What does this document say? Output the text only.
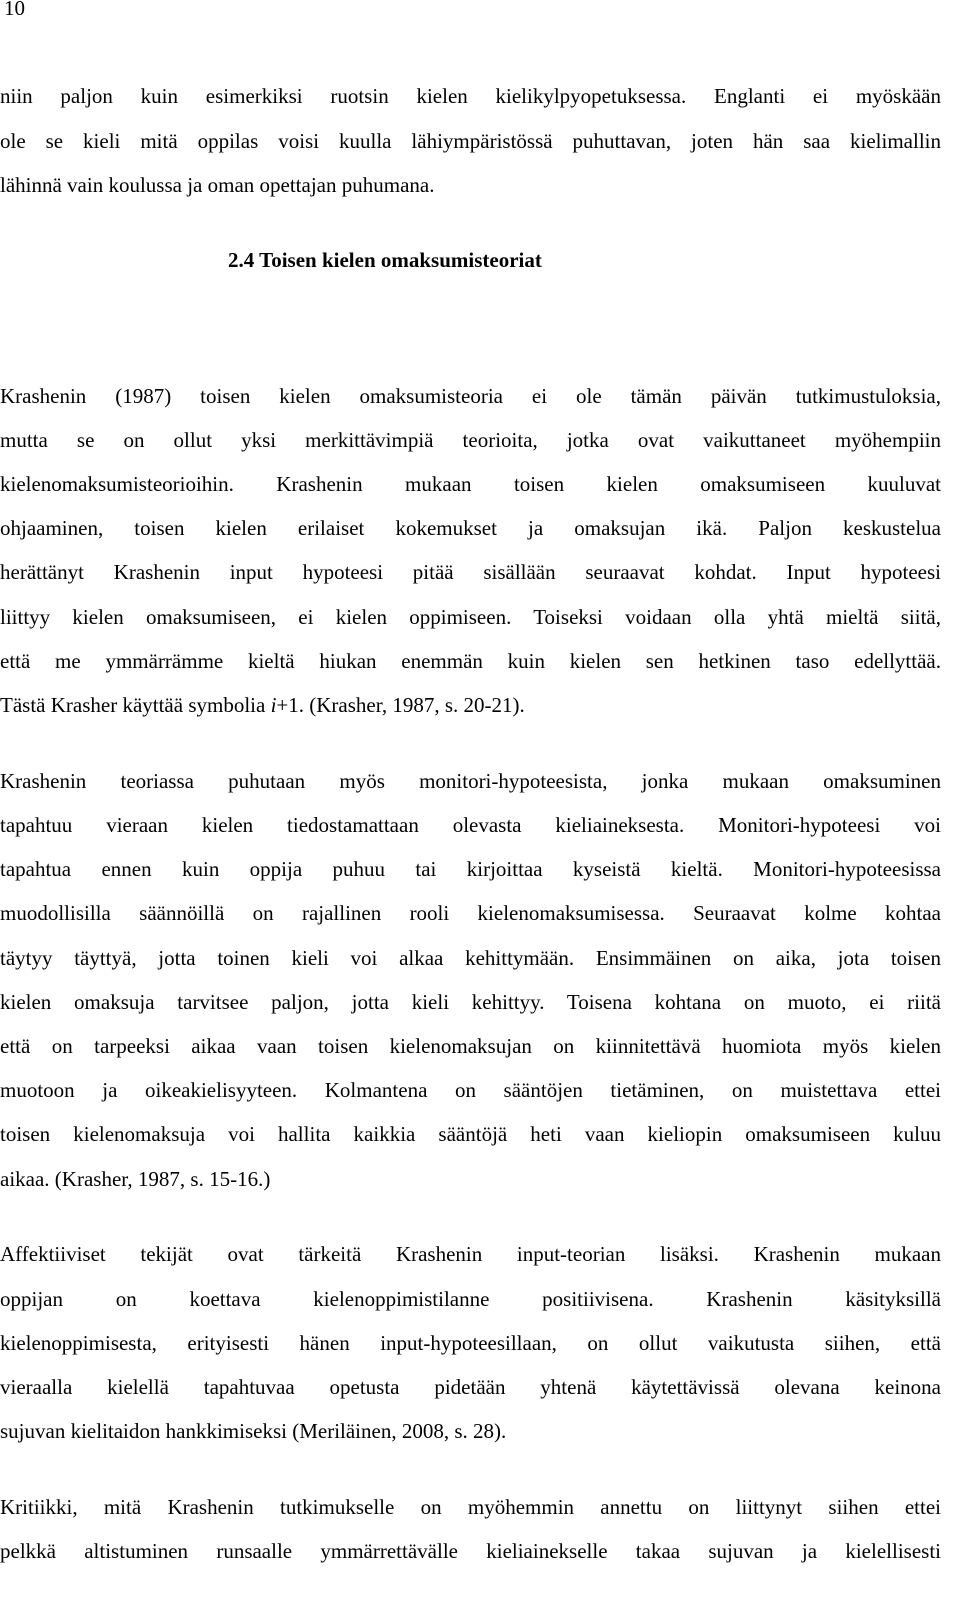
10
niin paljon kuin esimerkiksi ruotsin kielen kielikylpyopetuksessa. Englanti ei myöskään
ole se kieli mitä oppilas voisi kuulla lähiympäristössä puhuttavan, joten hän saa kielimallin
lähinnä vain koulussa ja oman opettajan puhumana.
2.4 Toisen kielen omaksumisteoriat
Krashenin (1987) toisen kielen omaksumisteoria ei ole tämän päivän tutkimustuloksia,
mutta se on ollut yksi merkittävimpiä teorioita, jotka ovat vaikuttaneet myöhempiin
kielenomaksumisteorioihin. Krashenin mukaan toisen kielen omaksumiseen kuuluvat
ohjaaminen, toisen kielen erilaiset kokemukset ja omaksujan ikä. Paljon keskustelua
herättänyt Krashenin input hypoteesi pitää sisällään seuraavat kohdat. Input hypoteesi
liittyy kielen omaksumiseen, ei kielen oppimiseen. Toiseksi voidaan olla yhtä mieltä siitä,
että me ymmärrämme kieltä hiukan enemmän kuin kielen sen hetkinen taso edellyttää.
Tästä Krasher käyttää symbolia i+1. (Krasher, 1987, s. 20-21).
Krashenin teoriassa puhutaan myös monitori-hypoteesista, jonka mukaan omaksuminen
tapahtuu vieraan kielen tiedostamattaan olevasta kieliaineksesta. Monitori-hypoteesi voi
tapahtua ennen kuin oppija puhuu tai kirjoittaa kyseistä kieltä. Monitori-hypoteesissa
muodollisilla säännöillä on rajallinen rooli kielenomaksumisessa. Seuraavat kolme kohtaa
täytyy täyttyä, jotta toinen kieli voi alkaa kehittymään. Ensimmäinen on aika, jota toisen
kielen omaksuja tarvitsee paljon, jotta kieli kehittyy. Toisena kohtana on muoto, ei riitä
että on tarpeeksi aikaa vaan toisen kielenomaksujan on kiinnitettävä huomiota myös kielen
muotoon ja oikeakielisyyteen. Kolmantena on sääntöjen tietäminen, on muistettava ettei
toisen kielenomaksuja voi hallita kaikkia sääntöjä heti vaan kieliopin omaksumiseen kuluu
aikaa. (Krasher, 1987, s. 15-16.)
Affektiiviset tekijät ovat tärkeitä Krashenin input-teorian lisäksi. Krashenin mukaan
oppijan on koettava kielenoppimistilanne positiivisena. Krashenin käsityksillä
kielenoppimisesta, erityisesti hänen input-hypoteesillaan, on ollut vaikutusta siihen, että
vieraalla kielellä tapahtuvaa opetusta pidetään yhtenä käytettävissä olevana keinona
sujuvan kielitaidon hankkimiseksi (Meriläinen, 2008, s. 28).
Kritiikki, mitä Krashenin tutkimukselle on myöhemmin annettu on liittynyt siihen ettei
pelkkä altistuminen runsaalle ymmärrettävälle kieliainekselle takaa sujuvan ja kielellisesti
